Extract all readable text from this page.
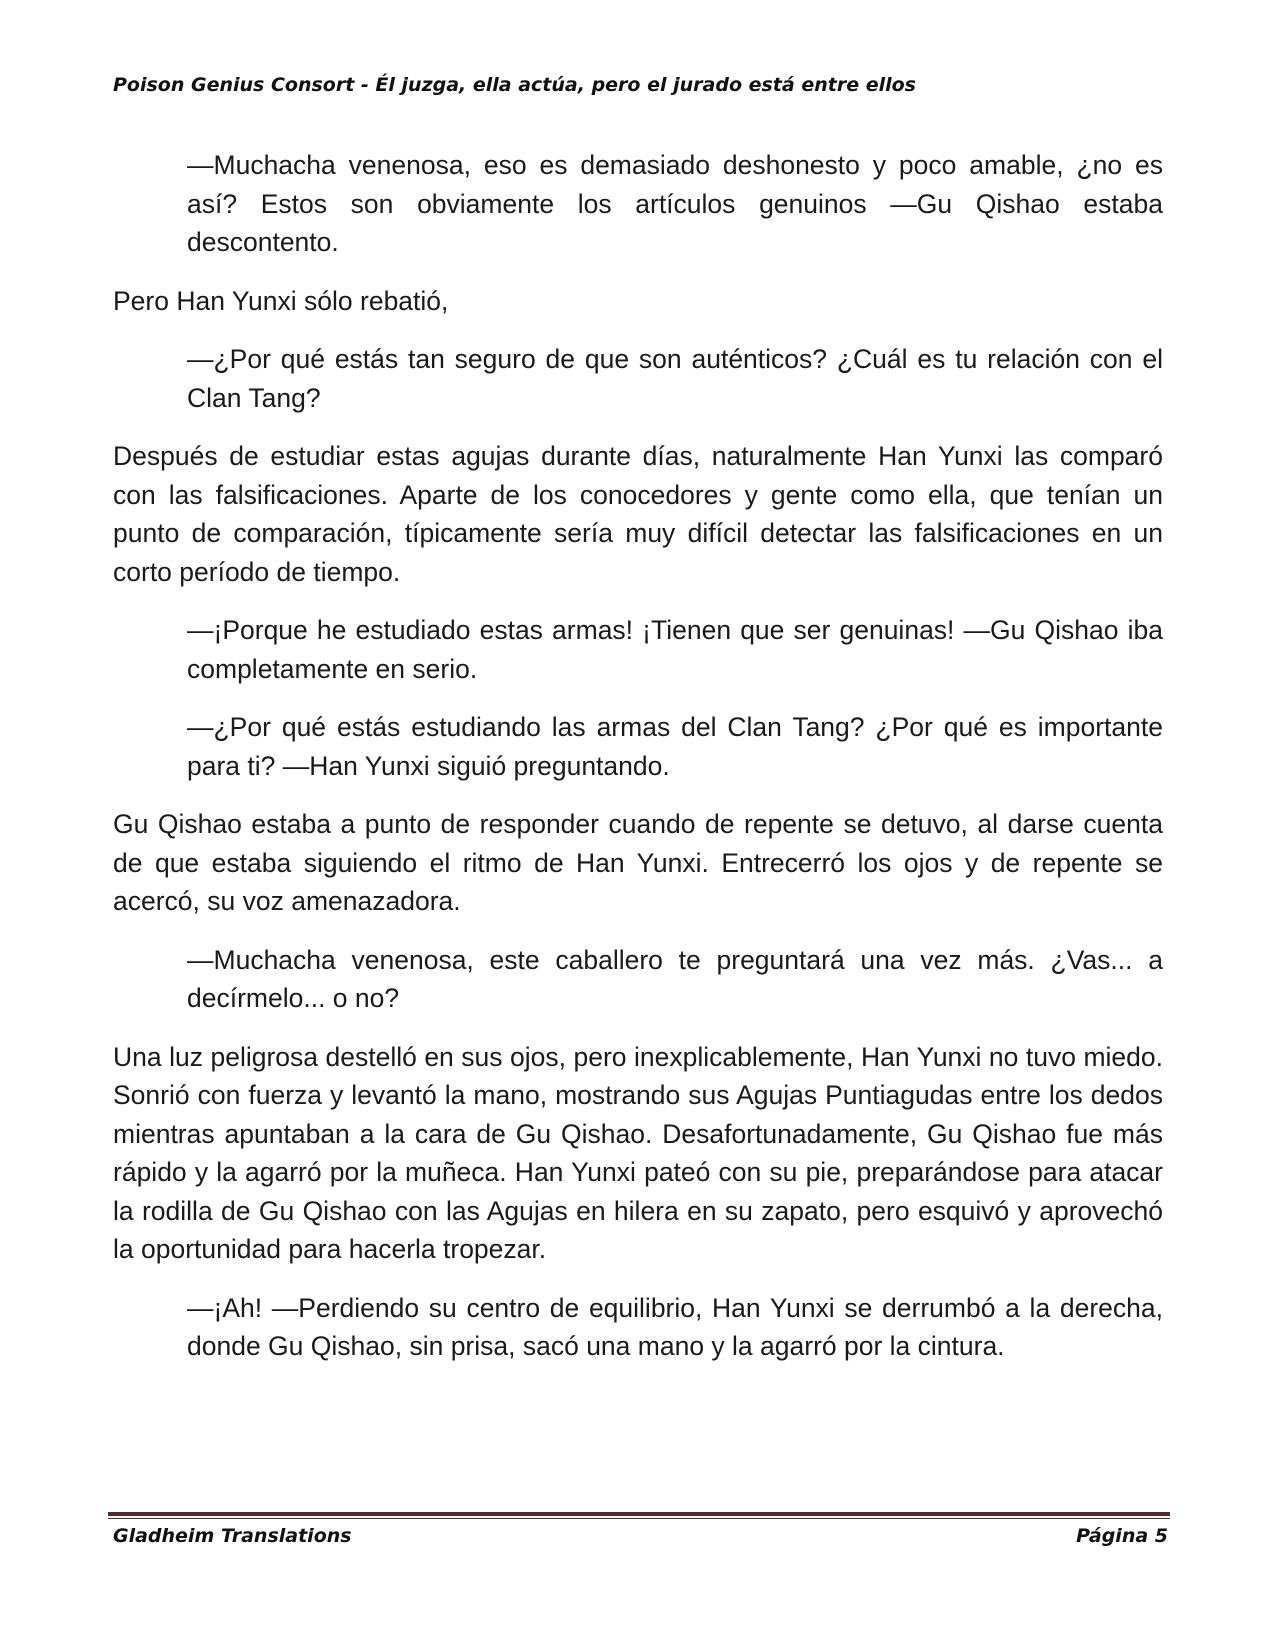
Poison Genius Consort - Él juzga, ella actúa, pero el jurado está entre ellos

—Muchacha venenosa, eso es demasiado deshonesto y poco amable, ¿no es así? Estos son obviamente los artículos genuinos —Gu Qishao estaba descontento.

Pero Han Yunxi sólo rebatió,

—¿Por qué estás tan seguro de que son auténticos? ¿Cuál es tu relación con el Clan Tang?

Después de estudiar estas agujas durante días, naturalmente Han Yunxi las comparó con las falsificaciones. Aparte de los conocedores y gente como ella, que tenían un punto de comparación, típicamente sería muy difícil detectar las falsificaciones en un corto período de tiempo.

—¡Porque he estudiado estas armas! ¡Tienen que ser genuinas! —Gu Qishao iba completamente en serio.

—¿Por qué estás estudiando las armas del Clan Tang? ¿Por qué es importante para ti? —Han Yunxi siguió preguntando.

Gu Qishao estaba a punto de responder cuando de repente se detuvo, al darse cuenta de que estaba siguiendo el ritmo de Han Yunxi. Entrecerró los ojos y de repente se acercó, su voz amenazadora.

—Muchacha venenosa, este caballero te preguntará una vez más. ¿Vas... a decírmelo... o no?

Una luz peligrosa destelló en sus ojos, pero inexplicablemente, Han Yunxi no tuvo miedo. Sonrió con fuerza y levantó la mano, mostrando sus Agujas Puntiagudas entre los dedos mientras apuntaban a la cara de Gu Qishao. Desafortunadamente, Gu Qishao fue más rápido y la agarró por la muñeca. Han Yunxi pateó con su pie, preparándose para atacar la rodilla de Gu Qishao con las Agujas en hilera en su zapato, pero esquivó y aprovechó la oportunidad para hacerla tropezar.

—¡Ah! —Perdiendo su centro de equilibrio, Han Yunxi se derrumbó a la derecha, donde Gu Qishao, sin prisa, sacó una mano y la agarró por la cintura.

Gladheim Translations	Página 5
